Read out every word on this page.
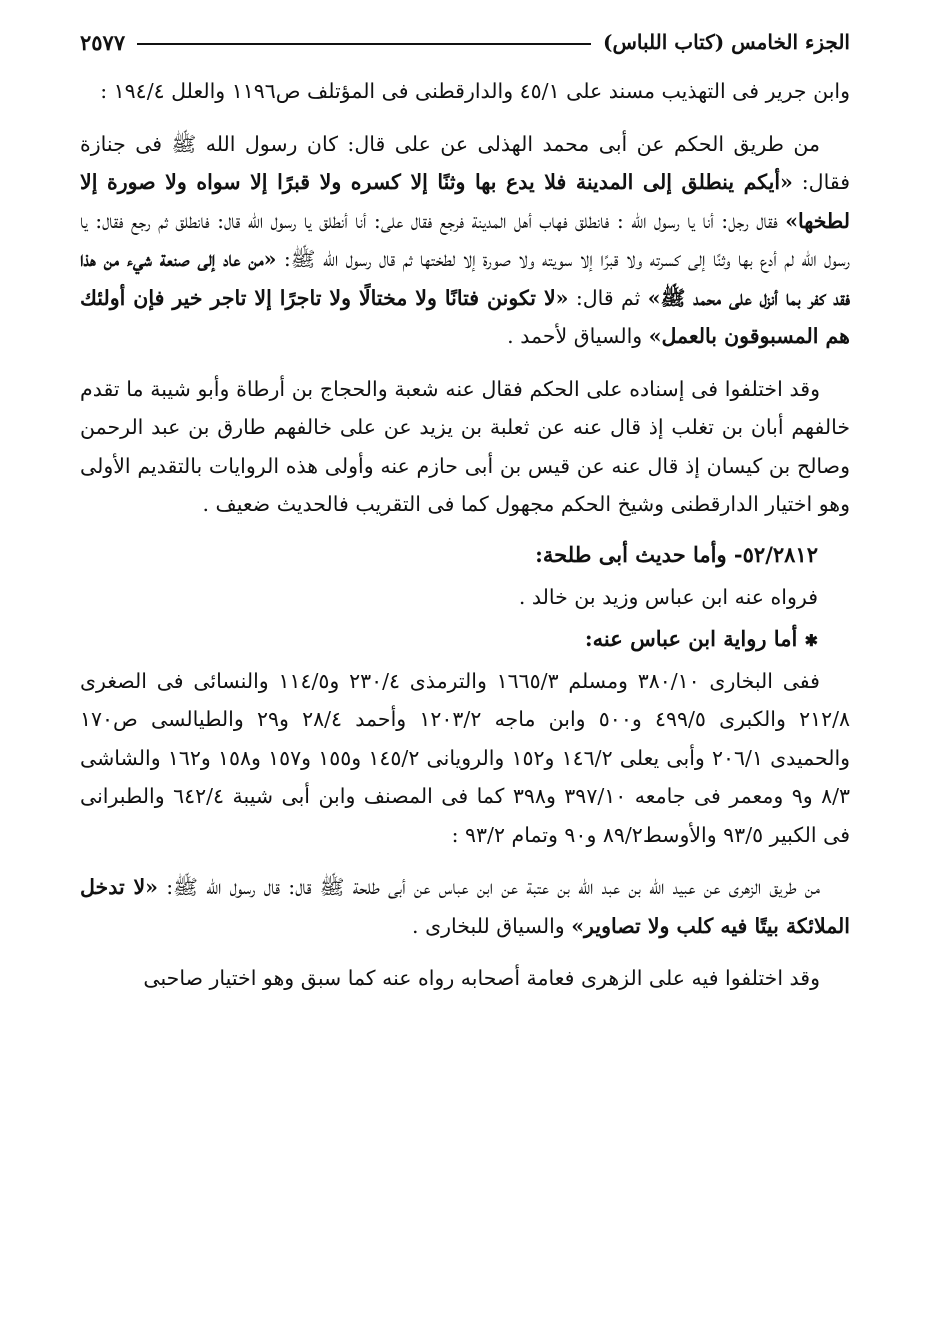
الجزء الخامس (كتاب اللباس)
٢٥٧٧

وابن جرير فى التهذيب مسند على ٤٥/١ والدارقطنى فى المؤتلف ص١١٩٦ والعلل ١٩٤/٤ :

من طريق الحكم عن أبى محمد الهذلى عن على قال: كان رسول الله ﷺ فى جنازة فقال: «أيكم ينطلق إلى المدينة فلا يدع بها وثنًا إلا كسره ولا قبرًا إلا سواه ولا صورة إلا لطخها» فقال رجل: أنا يا رسول الله : فانطلق فهاب أهل المدينة فرجع فقال على: أنا أنطلق يا رسول الله قال: فانطلق ثم رجع فقال: يا رسول الله لم أدع بها وثنًا إلى كسرته ولا قبرًا إلا سويته ولا صورة إلا لطختها ثم قال رسول الله ﷺ: «من عاد إلى صنعة شيء من هذا فقد كفر بما أنزل على محمد ﷺ» ثم قال: «لا تكونن فتانًا ولا مختالًا ولا تاجرًا إلا تاجر خير فإن أولئك هم المسبوقون بالعمل» والسياق لأحمد .

وقد اختلفوا فى إسناده على الحكم فقال عنه شعبة والحجاج بن أرطاة وأبو شيبة ما تقدم خالفهم أبان بن تغلب إذ قال عنه عن ثعلبة بن يزيد عن على خالفهم طارق بن عبد الرحمن وصالح بن كيسان إذ قال عنه عن قيس بن أبى حازم عنه وأولى هذه الروايات بالتقديم الأولى وهو اختيار الدارقطنى وشيخ الحكم مجهول كما فى التقريب فالحديث ضعيف .

٥٢/٢٨١٢- وأما حديث أبى طلحة:

فرواه عنه ابن عباس وزيد بن خالد .

✱ أما رواية ابن عباس عنه:

ففى البخارى ٣٨٠/١٠ ومسلم ١٦٦٥/٣ والترمذى ٢٣٠/٤ و١١٤/٥ والنسائى فى الصغرى ٢١٢/٨ والكبرى ٤٩٩/٥ و٥٠٠ وابن ماجه ١٢٠٣/٢ وأحمد ٢٨/٤ و٢٩ والطيالسى ص١٧٠ والحميدى ٢٠٦/١ وأبى يعلى ١٤٦/٢ و١٥٢ والرويانى ١٤٥/٢ و١٥٥ و١٥٧ و١٥٨ و١٦٢ والشاشى ٨/٣ و٩ ومعمر فى جامعه ٣٩٧/١٠ و٣٩٨ كما فى المصنف وابن أبى شيبة ٦٤٢/٤ والطبرانى فى الكبير ٩٣/٥ والأوسط٨٩/٢ و٩٠ وتمام ٩٣/٢ :

من طريق الزهرى عن عبيد الله بن عبد الله بن عتبة عن ابن عباس عن أبى طلحة ﷺ قال: قال رسول الله ﷺ: «لا تدخل الملائكة بيتًا فيه كلب ولا تصاوير» والسياق للبخارى .

وقد اختلفوا فيه على الزهرى فعامة أصحابه رواه عنه كما سبق وهو اختيار صاحبى
